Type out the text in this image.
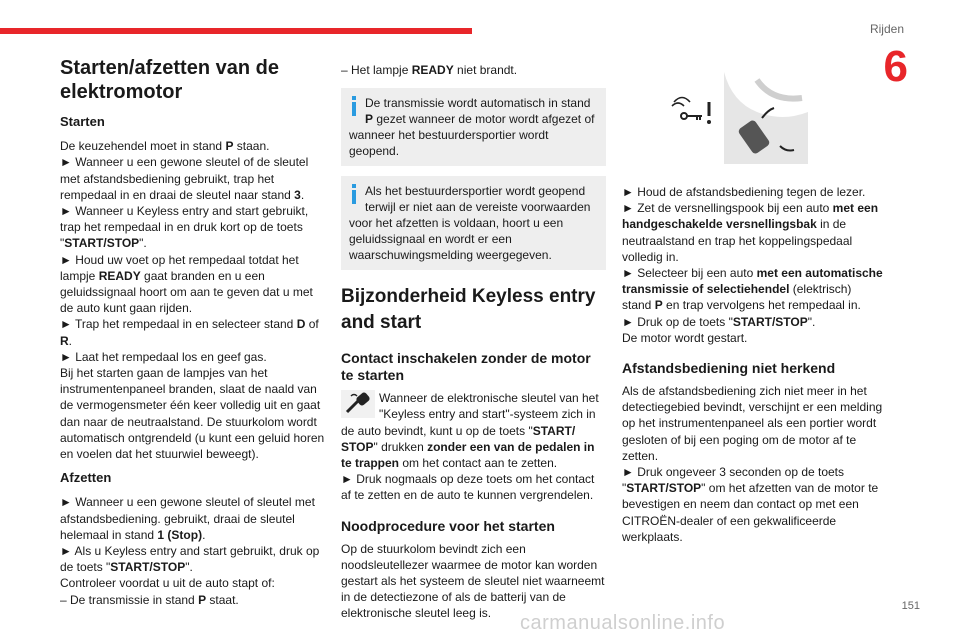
Rijden
6
Starten/afzetten van de elektromotor
Starten

De keuzehendel moet in stand P staan.
► Wanneer u een gewone sleutel of de sleutel met afstandsbediening gebruikt, trap het rempedaal in en draai de sleutel naar stand 3.
► Wanneer u Keyless entry and start gebruikt, trap het rempedaal in en druk kort op de toets "START/STOP".
► Houd uw voet op het rempedaal totdat het lampje READY gaat branden en u een geluidssignaal hoort om aan te geven dat u met de auto kunt gaan rijden.
► Trap het rempedaal in en selecteer stand D of R.
► Laat het rempedaal los en geef gas.
Bij het starten gaan de lampjes van het instrumentenpaneel branden, slaat de naald van de vermogensmeter één keer volledig uit en gaat dan naar de neutraalstand. De stuurkolom wordt automatisch ontgrendeld (u kunt een geluid horen en voelen dat het stuurwiel beweegt).

Afzetten

► Wanneer u een gewone sleutel of sleutel met afstandsbediening. gebruikt, draai de sleutel helemaal in stand 1 (Stop).
► Als u Keyless entry and start gebruikt, druk op de toets "START/STOP".
Controleer voordat u uit de auto stapt of:
– De transmissie in stand P staat.

– Het lampje READY niet brandt.

De transmissie wordt automatisch in stand P gezet wanneer de motor wordt afgezet of wanneer het bestuurdersportier wordt geopend.
Als het bestuurdersportier wordt geopend terwijl er niet aan de vereiste voorwaarden voor het afzetten is voldaan, hoort u een geluidssignaal en wordt er een waarschuwingsmelding weergegeven.
Bijzonderheid Keyless entry and start
Contact inschakelen zonder de motor te starten

Wanneer de elektronische sleutel van het "Keyless entry and start"-systeem zich in de auto bevindt, kunt u op de toets "START/ STOP" drukken zonder een van de pedalen in te trappen om het contact aan te zetten.
► Druk nogmaals op deze toets om het contact af te zetten en de auto te kunnen vergrendelen.

Noodprocedure voor het starten

Op de stuurkolom bevindt zich een noodsleutellezer waarmee de motor kan worden gestart als het systeem de sleutel niet waarneemt in de detectiezone of als de batterij van de elektronische sleutel leeg is.

► Houd de afstandsbediening tegen de lezer.
► Zet de versnellingspook bij een auto met een handgeschakelde versnellingsbak in de neutraalstand en trap het koppelingspedaal volledig in.
► Selecteer bij een auto met een automatische transmissie of selectiehendel (elektrisch) stand P en trap vervolgens het rempedaal in.
► Druk op de toets "START/STOP".
De motor wordt gestart.

Afstandsbediening niet herkend

Als de afstandsbediening zich niet meer in het detectiegebied bevindt, verschijnt er een melding op het instrumentenpaneel als een portier wordt gesloten of bij een poging om de motor af te zetten.
► Druk ongeveer 3 seconden op de toets "START/STOP" om het afzetten van de motor te bevestigen en neem dan contact op met een CITROËN-dealer of een gekwalificeerde werkplaats.

151
carmanualsonline.info
